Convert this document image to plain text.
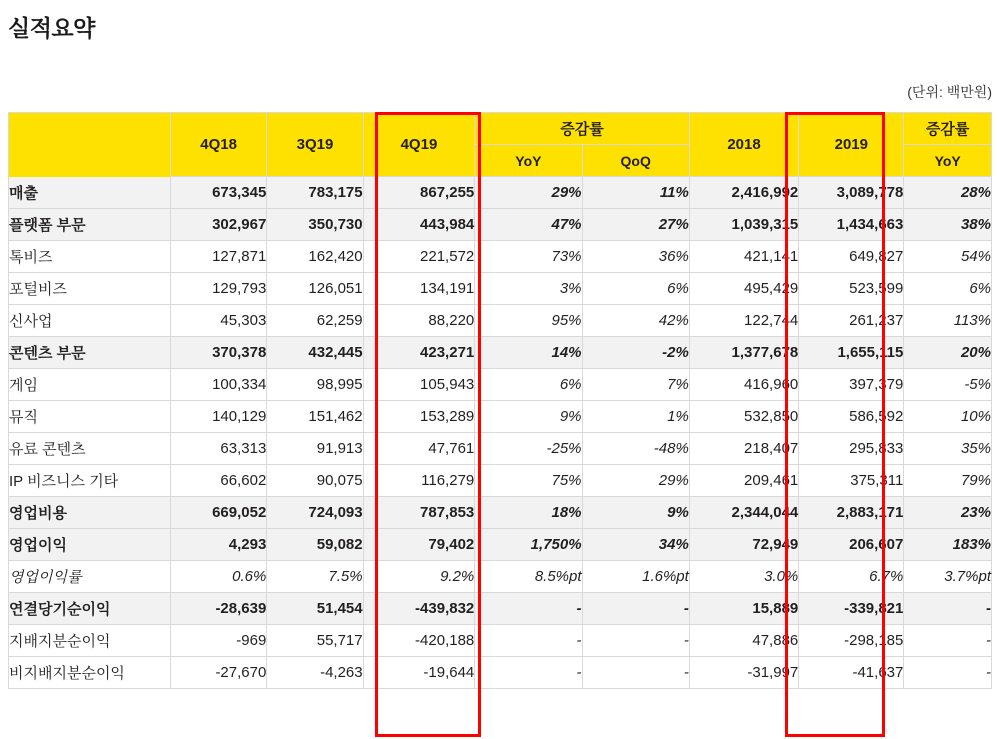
실적요약
(단위: 백만원)
	4Q18	3Q19	4Q19	증감률		2018	2019	증감률
				YoY	QoQ			YoY
매출	673,345	783,175	867,255	29%	11%	2,416,992	3,089,778	28%
플랫폼 부문	302,967	350,730	443,984	47%	27%	1,039,315	1,434,663	38%
톡비즈	127,871	162,420	221,572	73%	36%	421,141	649,827	54%
포털비즈	129,793	126,051	134,191	3%	6%	495,429	523,599	6%
신사업	45,303	62,259	88,220	95%	42%	122,744	261,237	113%
콘텐츠 부문	370,378	432,445	423,271	14%	-2%	1,377,678	1,655,115	20%
게임	100,334	98,995	105,943	6%	7%	416,960	397,379	-5%
뮤직	140,129	151,462	153,289	9%	1%	532,850	586,592	10%
유료 콘텐츠	63,313	91,913	47,761	-25%	-48%	218,407	295,833	35%
IP 비즈니스 기타	66,602	90,075	116,279	75%	29%	209,461	375,311	79%
영업비용	669,052	724,093	787,853	18%	9%	2,344,044	2,883,171	23%
영업이익	4,293	59,082	79,402	1,750%	34%	72,949	206,607	183%
영업이익률	0.6%	7.5%	9.2%	8.5%pt	1.6%pt	3.0%	6.7%	3.7%pt
연결당기순이익	-28,639	51,454	-439,832	-	-	15,889	-339,821	-
지배지분순이익	-969	55,717	-420,188	-	-	47,886	-298,185	-
비지배지분순이익	-27,670	-4,263	-19,644	-	-	-31,997	-41,637	-
